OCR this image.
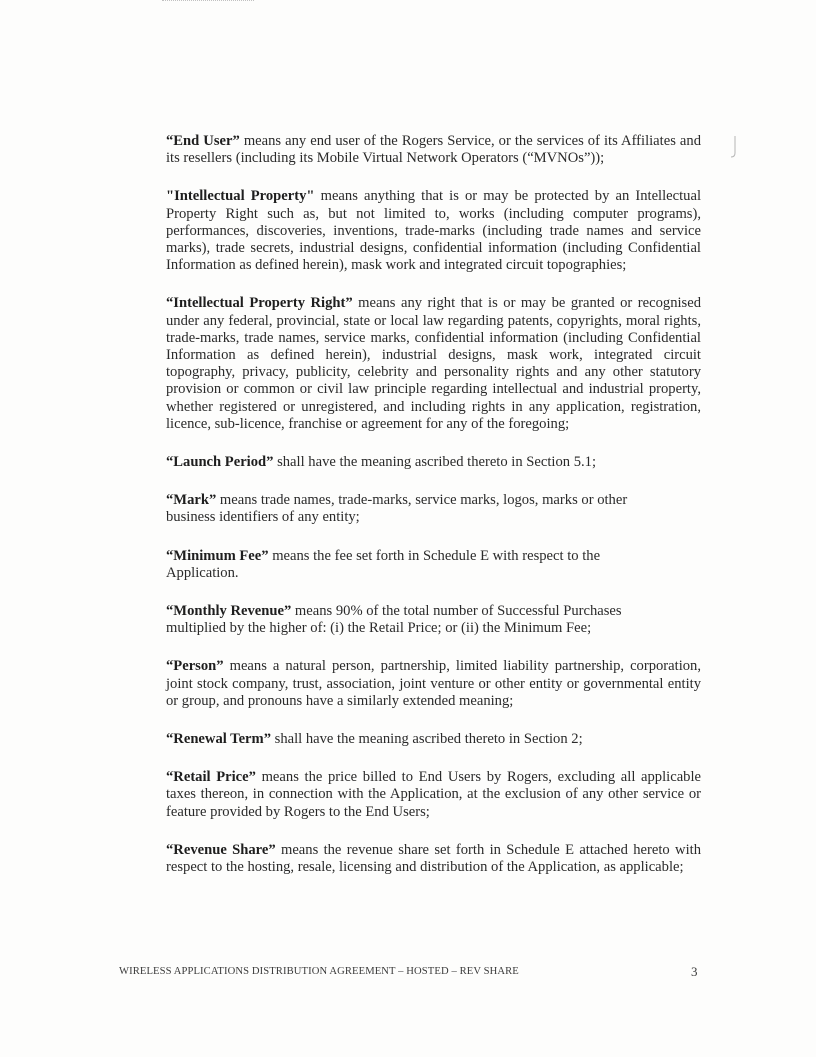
“End User” means any end user of the Rogers Service, or the services of its Affiliates and its resellers (including its Mobile Virtual Network Operators (“MVNOs”));

"Intellectual Property" means anything that is or may be protected by an Intellectual Property Right such as, but not limited to, works (including computer programs), performances, discoveries, inventions, trade-marks (including trade names and service marks), trade secrets, industrial designs, confidential information (including Confidential Information as defined herein), mask work and integrated circuit topographies;

“Intellectual Property Right” means any right that is or may be granted or recognised under any federal, provincial, state or local law regarding patents, copyrights, moral rights, trade-marks, trade names, service marks, confidential information (including Confidential Information as defined herein), industrial designs, mask work, integrated circuit topography, privacy, publicity, celebrity and personality rights and any other statutory provision or common or civil law principle regarding intellectual and industrial property, whether registered or unregistered, and including rights in any application, registration, licence, sub-licence, franchise or agreement for any of the foregoing;

“Launch Period” shall have the meaning ascribed thereto in Section 5.1;

“Mark” means trade names, trade-marks, service marks, logos, marks or other business identifiers of any entity;

“Minimum Fee” means the fee set forth in Schedule E with respect to the Application.

“Monthly Revenue” means 90% of the total number of Successful Purchases multiplied by the higher of: (i) the Retail Price; or (ii) the Minimum Fee;

“Person” means a natural person, partnership, limited liability partnership, corporation, joint stock company, trust, association, joint venture or other entity or governmental entity or group, and pronouns have a similarly extended meaning;

“Renewal Term” shall have the meaning ascribed thereto in Section 2;

“Retail Price” means the price billed to End Users by Rogers, excluding all applicable taxes thereon, in connection with the Application, at the exclusion of any other service or feature provided by Rogers to the End Users;

“Revenue Share” means the revenue share set forth in Schedule E attached hereto with respect to the hosting, resale, licensing and distribution of the Application, as applicable;

WIRELESS APPLICATIONS DISTRIBUTION AGREEMENT – HOSTED – REV SHARE	3
